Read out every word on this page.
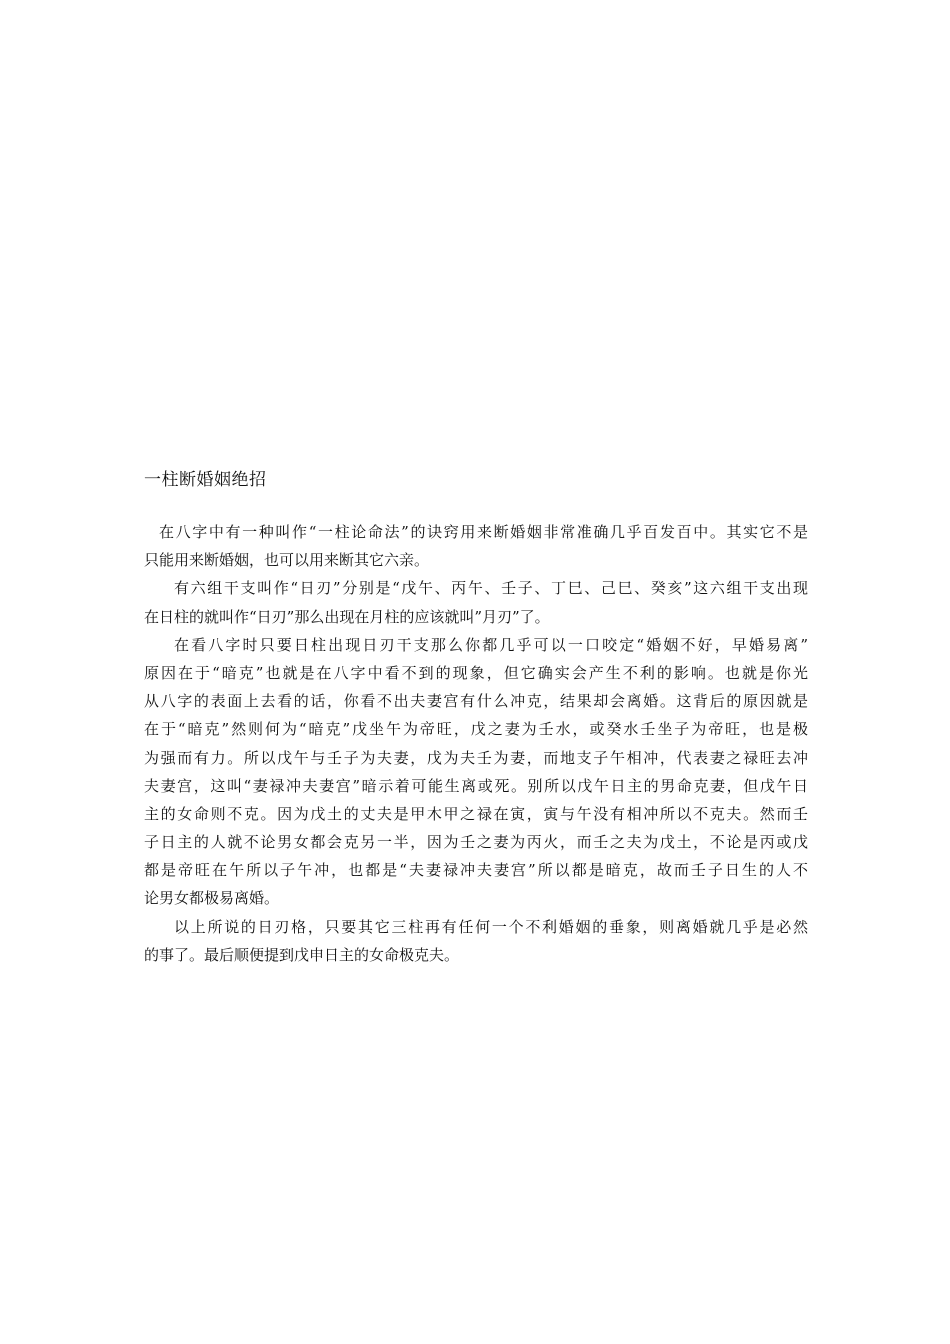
一柱断婚姻绝招
在八字中有一种叫作“一柱论命法”的诀窍用来断婚姻非常准确几乎百发百中。其实它不是
只能用来断婚姻，也可以用来断其它六亲。
有六组干支叫作“日刃”分别是“戊午、丙午、壬子、丁巳、己巳、癸亥”这六组干支出现
在日柱的就叫作“日刃”那么出现在月柱的应该就叫”月刃”了。
在看八字时只要日柱出现日刃干支那么你都几乎可以一口咬定“婚姻不好，早婚易离”
原因在于“暗克”也就是在八字中看不到的现象，但它确实会产生不利的影响。也就是你光
从八字的表面上去看的话，你看不出夫妻宫有什么冲克，结果却会离婚。这背后的原因就是
在于“暗克”然则何为“暗克”戊坐午为帝旺，戊之妻为壬水，或癸水壬坐子为帝旺，也是极
为强而有力。所以戊午与壬子为夫妻，戊为夫壬为妻，而地支子午相冲，代表妻之禄旺去冲
夫妻宫，这叫“妻禄冲夫妻宫”暗示着可能生离或死。别所以戊午日主的男命克妻，但戊午日
主的女命则不克。因为戊土的丈夫是甲木甲之禄在寅，寅与午没有相冲所以不克夫。然而壬
子日主的人就不论男女都会克另一半，因为壬之妻为丙火，而壬之夫为戊土，不论是丙或戊
都是帝旺在午所以子午冲，也都是“夫妻禄冲夫妻宫”所以都是暗克，故而壬子日生的人不
论男女都极易离婚。
以上所说的日刃格，只要其它三柱再有任何一个不利婚姻的垂象，则离婚就几乎是必然
的事了。最后顺便提到戊申日主的女命极克夫。
